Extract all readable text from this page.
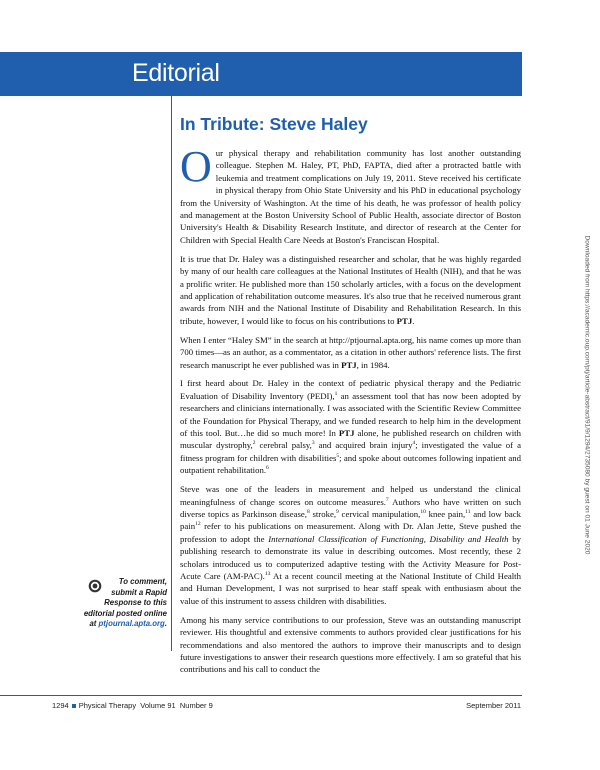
Editorial
In Tribute: Steve Haley

Our physical therapy and rehabilitation community has lost another outstanding colleague. Stephen M. Haley, PT, PhD, FAPTA, died after a protracted battle with leukemia and treatment complications on July 19, 2011. Steve received his certificate in physical therapy from Ohio State University and his PhD in educational psychology from the University of Washington. At the time of his death, he was professor of health policy and management at the Boston University School of Public Health, associate director of Boston University's Health & Disability Research Institute, and director of research at the Center for Children with Special Health Care Needs at Boston's Franciscan Hospital.

It is true that Dr. Haley was a distinguished researcher and scholar, that he was highly regarded by many of our health care colleagues at the National Institutes of Health (NIH), and that he was a prolific writer. He published more than 150 scholarly articles, with a focus on the development and application of rehabilitation outcome measures. It's also true that he received numerous grant awards from NIH and the National Institute of Disability and Rehabilitation Research. In this tribute, however, I would like to focus on his contributions to PTJ.

When I enter “Haley SM” in the search at http://ptjournal.apta.org, his name comes up more than 700 times—as an author, as a commentator, as a citation in other authors' reference lists. The first research manuscript he ever published was in PTJ, in 1984.

I first heard about Dr. Haley in the context of pediatric physical therapy and the Pediatric Evaluation of Disability Inventory (PEDI),$^1$ an assessment tool that has now been adopted by researchers and clinicians internationally. I was associated with the Scientific Review Committee of the Foundation for Physical Therapy, and we funded research to help him in the development of this tool. But…he did so much more! In PTJ alone, he published research on children with muscular dystrophy,$^2$ cerebral palsy,$^3$ and acquired brain injury$^4$; investigated the value of a fitness program for children with disabilities$^5$; and spoke about outcomes following inpatient and outpatient rehabilitation.$^6$

Steve was one of the leaders in measurement and helped us understand the clinical meaningfulness of change scores on outcome measures.$^7$ Authors who have written on such diverse topics as Parkinson disease,$^8$ stroke,$^9$ cervical manipulation,$^{10}$ knee pain,$^{11}$ and low back pain$^{12}$ refer to his publications on measurement. Along with Dr. Alan Jette, Steve pushed the profession to adopt the International Classification of Functioning, Disability and Health by publishing research to demonstrate its value in describing outcomes. Most recently, these 2 scholars introduced us to computerized adaptive testing with the Activity Measure for Post-Acute Care (AM-PAC).$^{13}$ At a recent council meeting at the National Institute of Child Health and Human Development, I was not surprised to hear staff speak with enthusiasm about the value of this instrument to assess children with disabilities.

Among his many service contributions to our profession, Steve was an outstanding manuscript reviewer. His thoughtful and extensive comments to authors provided clear justifications for his recommendations and also mentored the authors to improve their manuscripts and to design future investigations to answer their research questions more effectively. I am so grateful that his contributions and his call to conduct the

To comment,
submit a Rapid
Response to this
editorial posted online
at ptjournal.apta.org.
1294 Physical Therapy Volume 91 Number 9	September 2011
Downloaded from https://academic.oup.com/ptj/article-abstract/91/9/1294/2735080 by guest on 01 June 2020
